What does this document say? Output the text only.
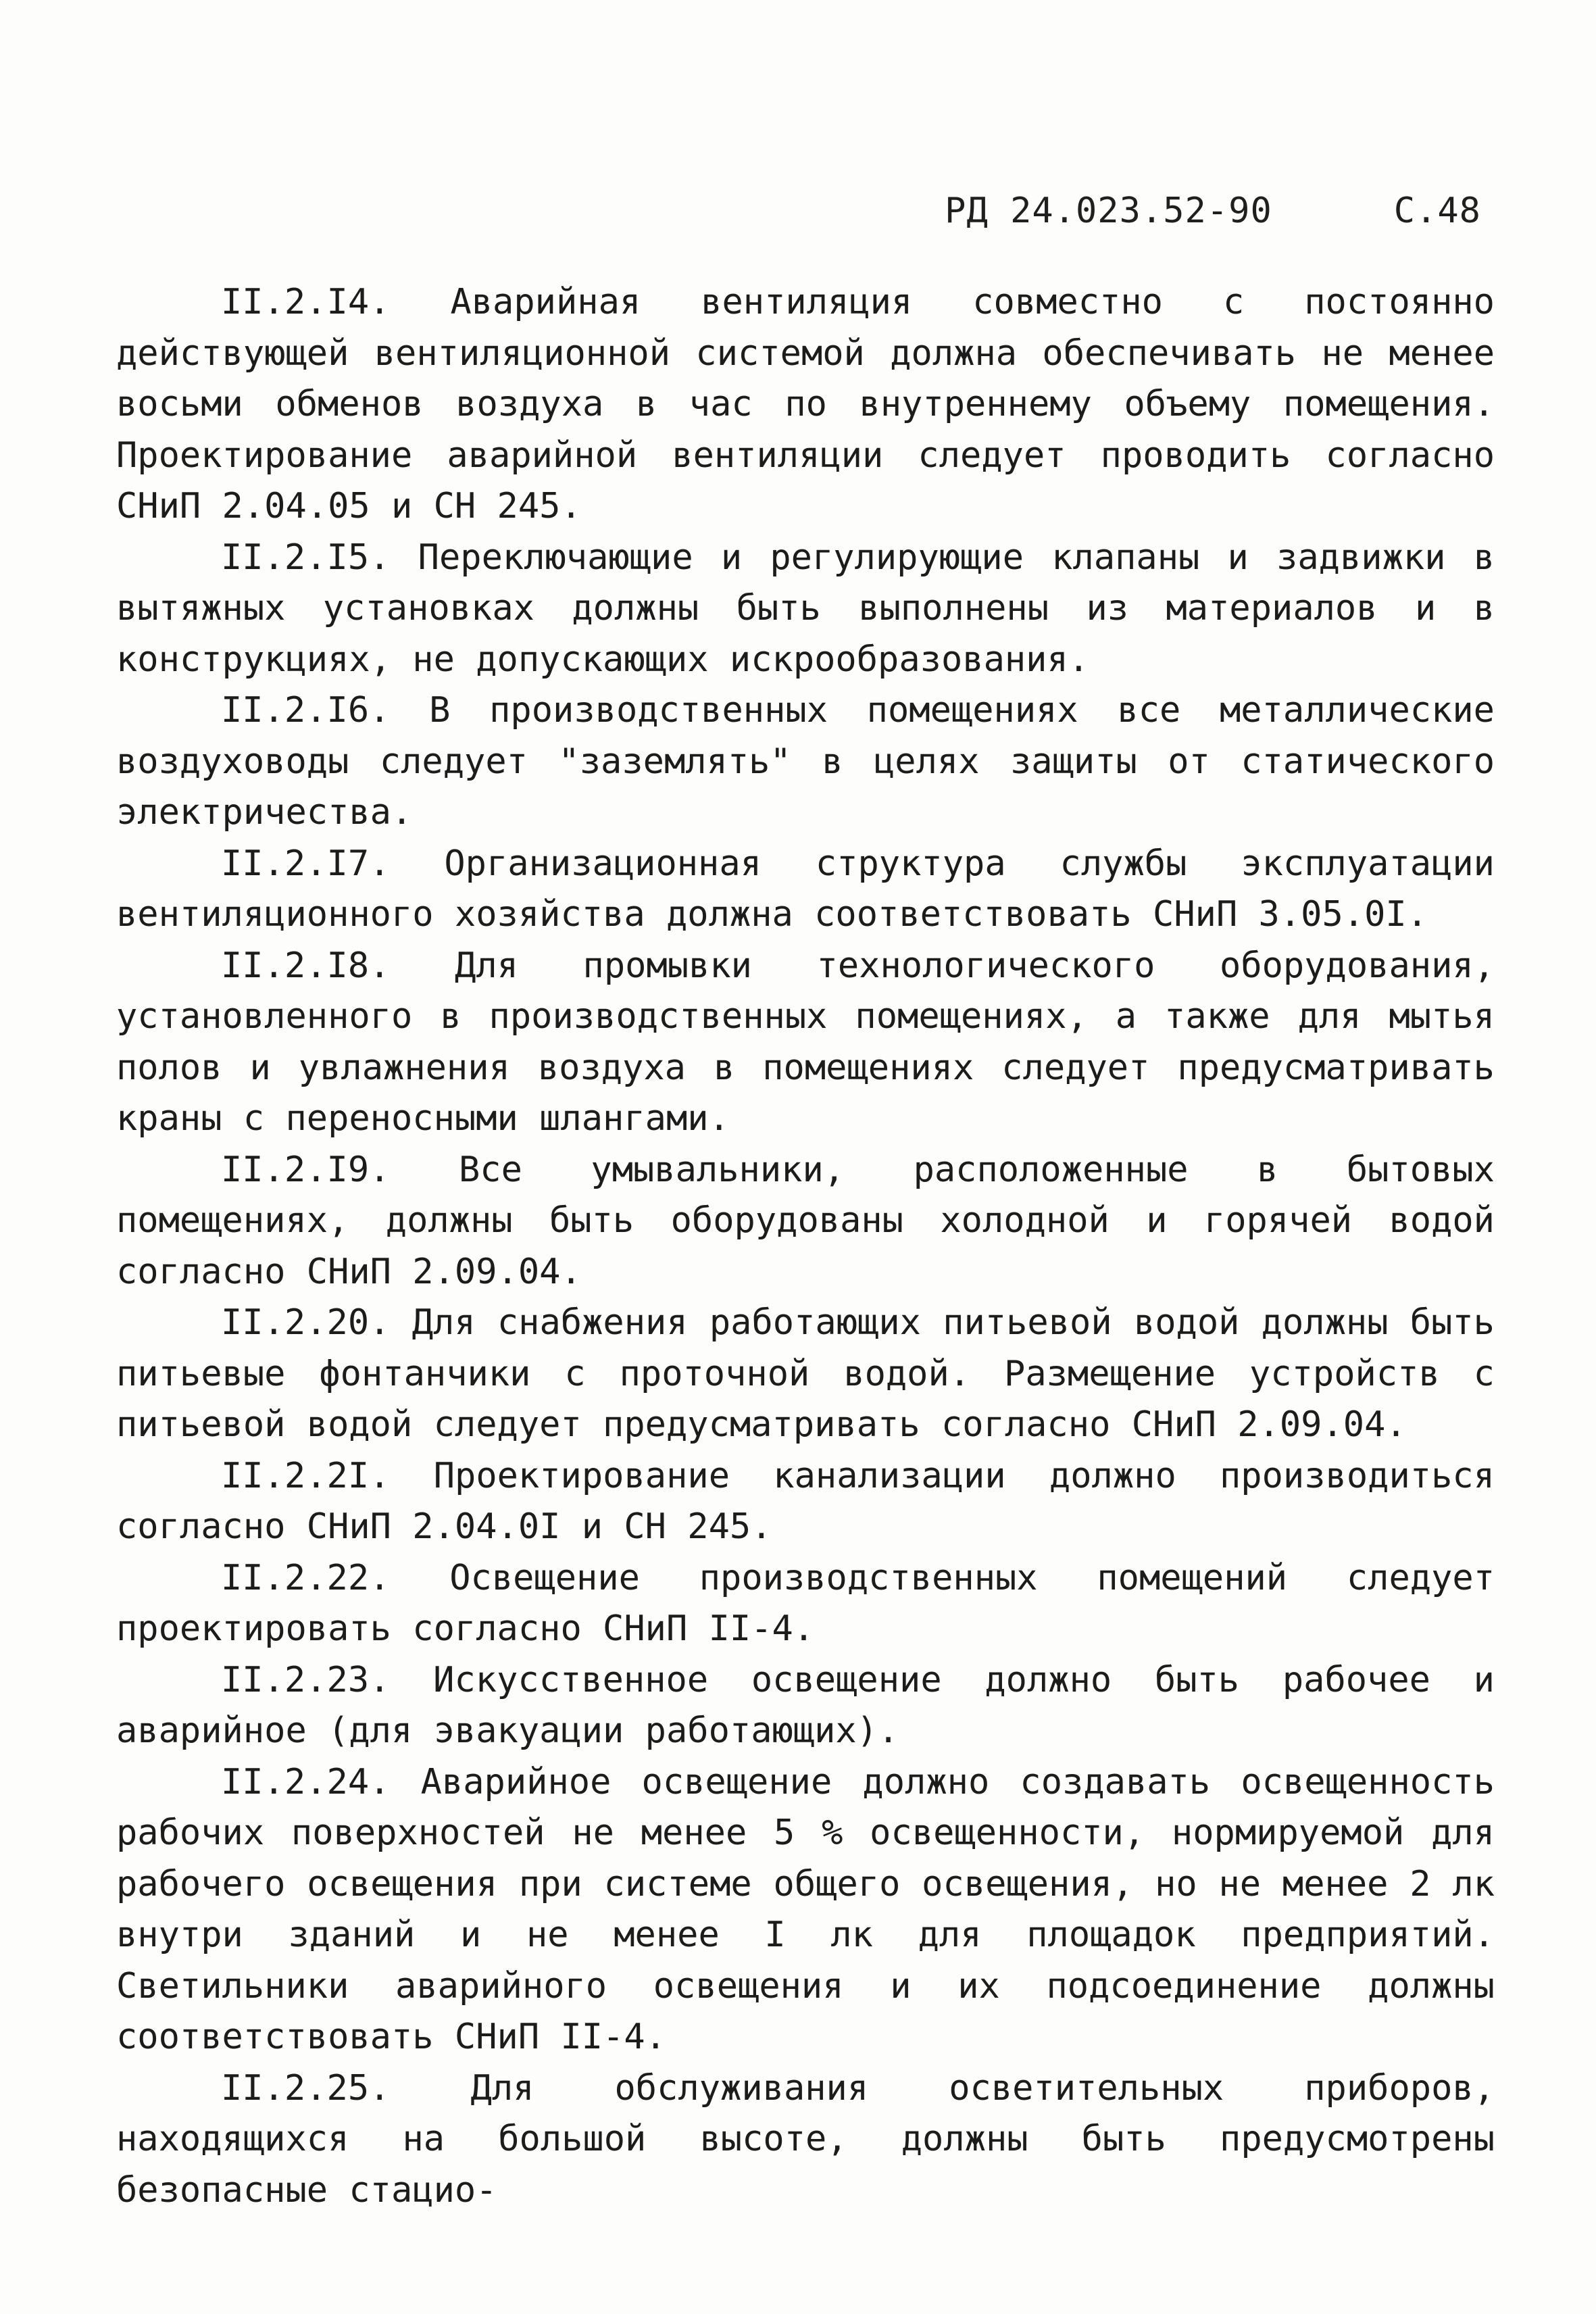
РД 24.023.52-90	С.48

II.2.I4. Аварийная вентиляция совместно с постоянно действующей вентиляционной системой должна обеспечивать не менее восьми обменов воздуха в час по внутреннему объему помещения. Проектирование аварийной вентиляции следует проводить согласно СНиП 2.04.05 и СН 245.

II.2.I5. Переключающие и регулирующие клапаны и задвижки в вытяжных установках должны быть выполнены из материалов и в конструкциях, не допускающих искрообразования.

II.2.I6. В производственных помещениях все металлические воздуховоды следует "заземлять" в целях защиты от статического электричества.

II.2.I7. Организационная структура службы эксплуатации вентиляционного хозяйства должна соответствовать СНиП 3.05.0I.

II.2.I8. Для промывки технологического оборудования, установленного в производственных помещениях, а также для мытья полов и увлажнения воздуха в помещениях следует предусматривать краны с переносными шлангами.

II.2.I9. Все умывальники, расположенные в бытовых помещениях, должны быть оборудованы холодной и горячей водой согласно СНиП 2.09.04.

II.2.20. Для снабжения работающих питьевой водой должны быть питьевые фонтанчики с проточной водой. Размещение устройств с питьевой водой следует предусматривать согласно СНиП 2.09.04.

II.2.2I. Проектирование канализации должно производиться согласно СНиП 2.04.0I и СН 245.

II.2.22. Освещение производственных помещений следует проектировать согласно СНиП II-4.

II.2.23. Искусственное освещение должно быть рабочее и аварийное (для эвакуации работающих).

II.2.24. Аварийное освещение должно создавать освещенность рабочих поверхностей не менее 5 % освещенности, нормируемой для рабочего освещения при системе общего освещения, но не менее 2 лк внутри зданий и не менее I лк для площадок предприятий. Светильники аварийного освещения и их подсоединение должны соответствовать СНиП II-4.

II.2.25. Для обслуживания осветительных приборов, находящихся на большой высоте, должны быть предусмотрены безопасные стацио-
